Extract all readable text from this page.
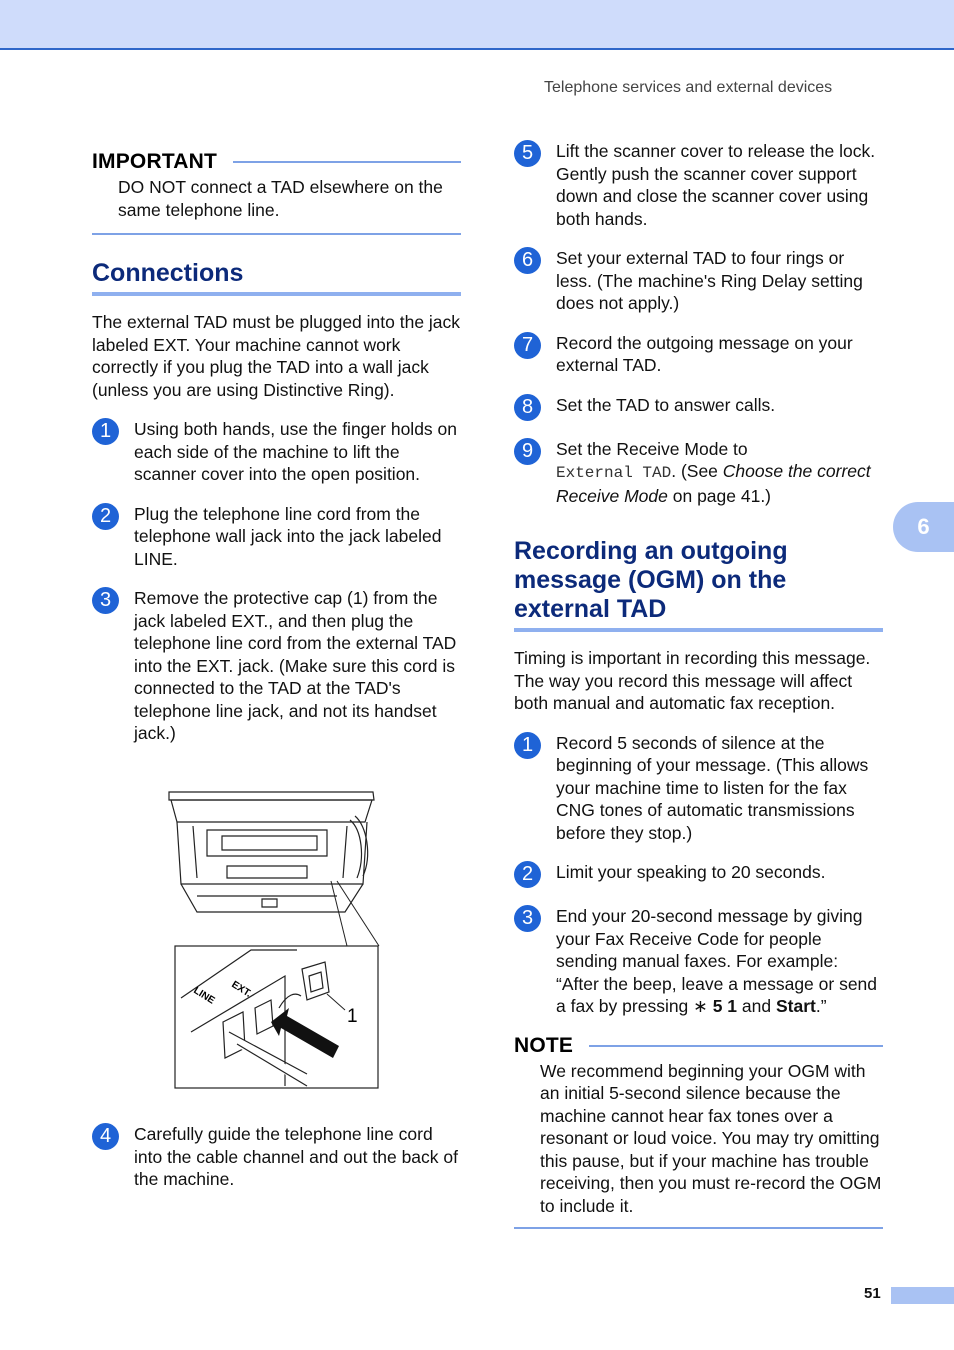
Telephone services and external devices
IMPORTANT
DO NOT connect a TAD elsewhere on the same telephone line.
Connections

The external TAD must be plugged into the jack labeled EXT. Your machine cannot work correctly if you plug the TAD into a wall jack (unless you are using Distinctive Ring).

1	Using both hands, use the finger holds on each side of the machine to lift the scanner cover into the open position.
2	Plug the telephone line cord from the telephone wall jack into the jack labeled LINE.
3	Remove the protective cap (1) from the jack labeled EXT., and then plug the telephone line cord from the external TAD into the EXT. jack. (Make sure this cord is connected to the TAD at the TAD's telephone line jack, and not its handset jack.)
EXT.
LINE
1
4	Carefully guide the telephone line cord into the cable channel and out the back of the machine.
5	Lift the scanner cover to release the lock. Gently push the scanner cover support down and close the scanner cover using both hands.
6	Set your external TAD to four rings or less. (The machine's Ring Delay setting does not apply.)
7	Record the outgoing message on your external TAD.
8	Set the TAD to answer calls.
9	Set the Receive Mode to
External TAD. (See Choose the correct Receive Mode on page 41.)
Recording an outgoing message (OGM) on the external TAD

Timing is important in recording this message. The way you record this message will affect both manual and automatic fax reception.

1	Record 5 seconds of silence at the beginning of your message. (This allows your machine time to listen for the fax CNG tones of automatic transmissions before they stop.)
2	Limit your speaking to 20 seconds.
3	End your 20-second message by giving your Fax Receive Code for people sending manual faxes. For example: “After the beep, leave a message or send a fax by pressing ∗ 5 1 and Start.”
NOTE
We recommend beginning your OGM with an initial 5-second silence because the machine cannot hear fax tones over a resonant or loud voice. You may try omitting this pause, but if your machine has trouble receiving, then you must re-record the OGM to include it.
6
51
